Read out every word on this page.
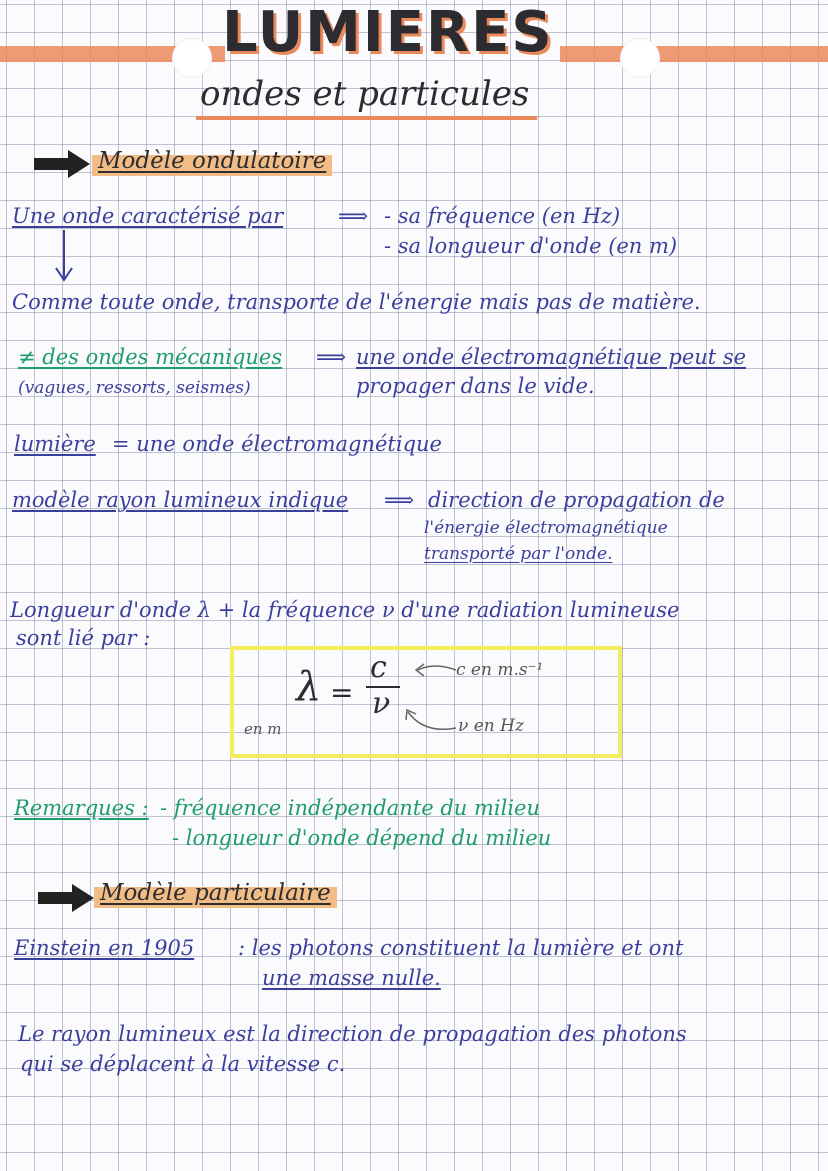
LUMIERES
ondes et particules
Modèle ondulatoire
Une onde caractérisé par	⟹ - sa fréquence (en Hz)
- sa longueur d'onde (en m)
Comme toute onde, transporte de l'énergie mais pas de matière.
≠ des ondes mécaniques
(vagues, ressorts, seismes)
⟹ une onde électromagnétique peut se
propager dans le vide.
lumière = une onde électromagnétique
modèle rayon lumineux indique ⟹ direction de propagation de
l'énergie électromagnétique
transporté par l'onde.
Longueur d'onde λ + la fréquence ν d'une radiation lumineuse
sont lié par :
λ =
c
ν
c en m.s⁻¹
ν en Hz
en m
Remarques : - fréquence indépendante du milieu
- longueur d'onde dépend du milieu
Modèle particulaire
Einstein en 1905 : les photons constituent la lumière et ont
une masse nulle.
Le rayon lumineux est la direction de propagation des photons
qui se déplacent à la vitesse c.
